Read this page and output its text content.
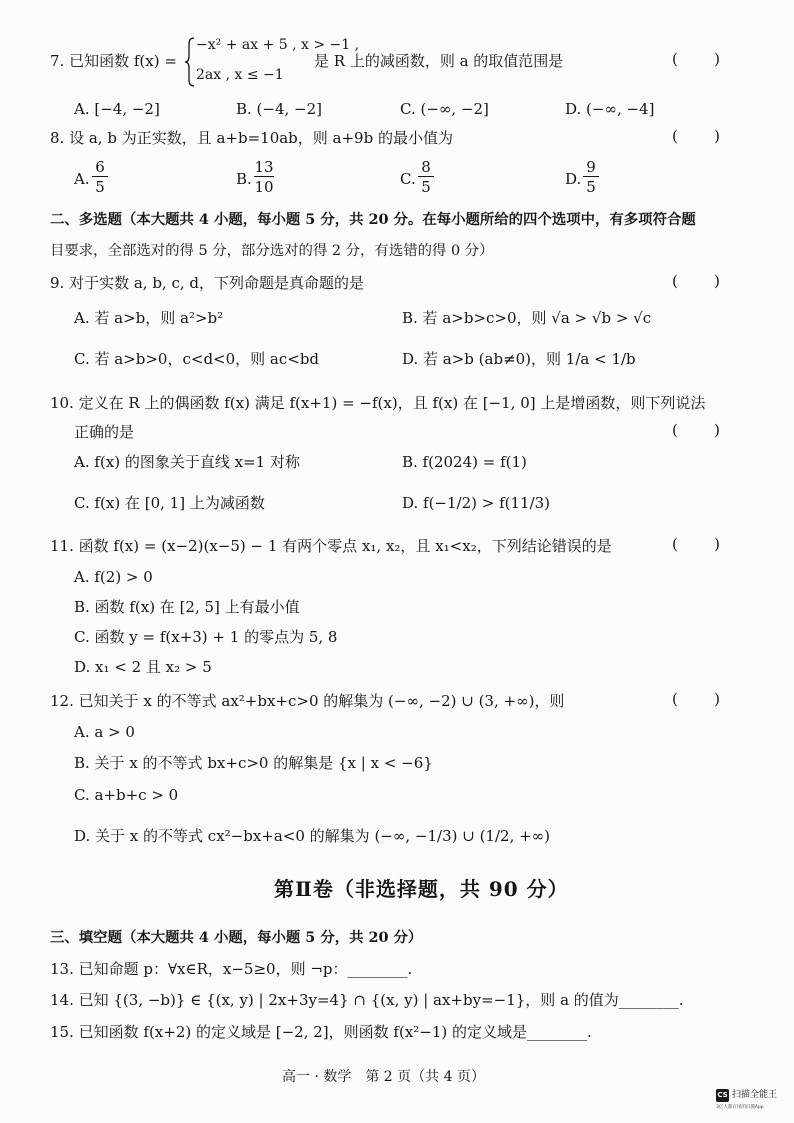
7. 已知函数 f(x) =
−x² + ax + 5 , x > −1 ,
2ax , x ≤ −1
是 R 上的减函数，则 a 的取值范围是	( )
A. [−4, −2]	B. (−4, −2]	C. (−∞, −2]	D. (−∞, −4]
8. 设 a, b 为正实数，且 a+b=10ab，则 a+9b 的最小值为	( )
A.
6
5	B.
13
10	C.
8
5	D.
9
5
二、多选题（本大题共 4 小题，每小题 5 分，共 20 分。在每小题所给的四个选项中，有多项符合题
目要求，全部选对的得 5 分，部分选对的得 2 分，有选错的得 0 分）
9. 对于实数 a, b, c, d，下列命题是真命题的是	( )
A. 若 a>b，则 a²>b²	B. 若 a>b>c>0，则 √a > √b > √c
C. 若 a>b>0，c<d<0，则 ac<bd	D. 若 a>b (ab≠0)，则 1/a < 1/b
10. 定义在 R 上的偶函数 f(x) 满足 f(x+1) = −f(x)，且 f(x) 在 [−1, 0] 上是增函数，则下列说法
正确的是	( )
A. f(x) 的图象关于直线 x=1 对称	B. f(2024) = f(1)
C. f(x) 在 [0, 1] 上为减函数	D. f(−1/2) > f(11/3)
11. 函数 f(x) = (x−2)(x−5) − 1 有两个零点 x₁, x₂，且 x₁<x₂，下列结论错误的是	( )
A. f(2) > 0
B. 函数 f(x) 在 [2, 5] 上有最小值
C. 函数 y = f(x+3) + 1 的零点为 5, 8
D. x₁ < 2 且 x₂ > 5
12. 已知关于 x 的不等式 ax²+bx+c>0 的解集为 (−∞, −2) ∪ (3, +∞)，则	( )
A. a > 0
B. 关于 x 的不等式 bx+c>0 的解集是 {x | x < −6}
C. a+b+c > 0
D. 关于 x 的不等式 cx²−bx+a<0 的解集为 (−∞, −1/3) ∪ (1/2, +∞)
第Ⅱ卷（非选择题，共 90 分）
三、填空题（本大题共 4 小题，每小题 5 分，共 20 分）
13. 已知命题 p：∀x∈R，x−5≥0，则 ¬p：________.
14. 已知 {(3, −b)} ∈ {(x, y) | 2x+3y=4} ∩ {(x, y) | ax+by=−1}，则 a 的值为________.
15. 已知函数 f(x+2) 的定义域是 [−2, 2]，则函数 f(x²−1) 的定义域是________.
高一 · 数学　第 2 页（共 4 页）
CS 扫描全能王
3亿人都在用的扫描App
